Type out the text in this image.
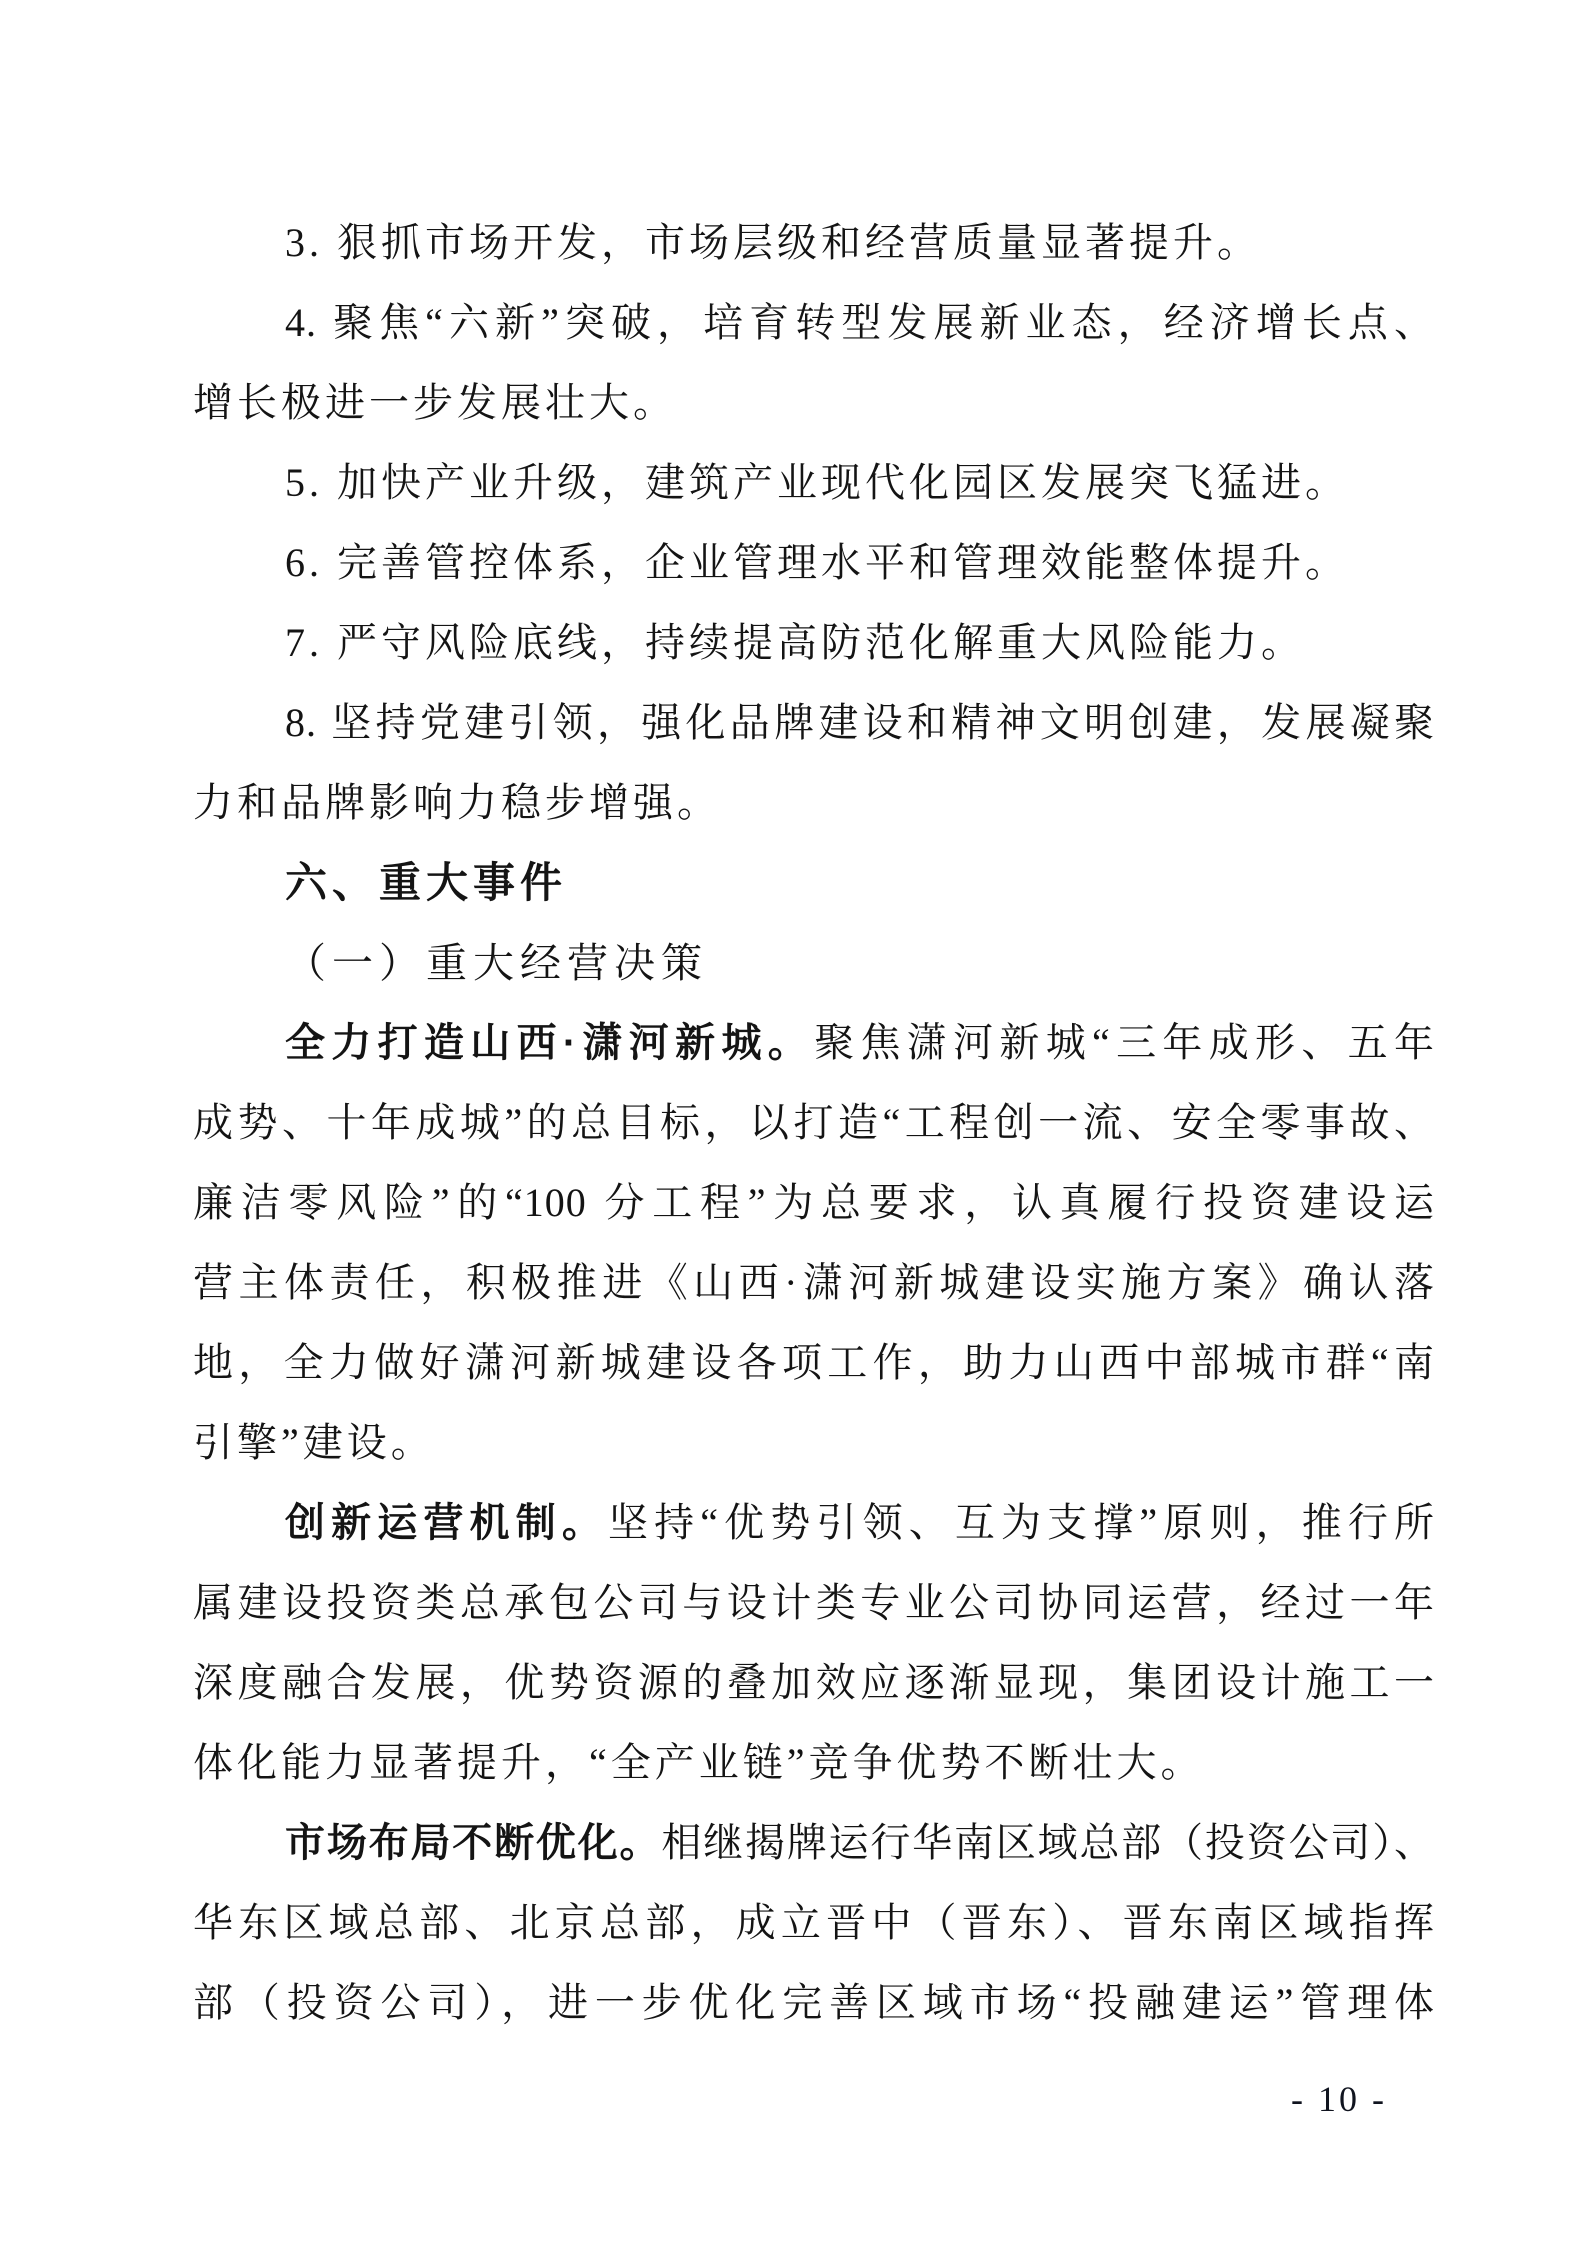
3. 狠抓市场开发，市场层级和经营质量显著提升。
4. 聚焦“六新”突破，培育转型发展新业态，经济增长点、
增长极进一步发展壮大。
5. 加快产业升级，建筑产业现代化园区发展突飞猛进。
6. 完善管控体系，企业管理水平和管理效能整体提升。
7. 严守风险底线，持续提高防范化解重大风险能力。
8. 坚持党建引领，强化品牌建设和精神文明创建，发展凝聚
力和品牌影响力稳步增强。
六、重大事件
（一）重大经营决策
全力打造山西·潇河新城。聚焦潇河新城“三年成形、五年
成势、十年成城”的总目标，以打造“工程创一流、安全零事故、
廉洁零风险”的“100 分工程”为总要求，认真履行投资建设运
营主体责任，积极推进《山西·潇河新城建设实施方案》确认落
地，全力做好潇河新城建设各项工作，助力山西中部城市群“南
引擎”建设。
创新运营机制。坚持“优势引领、互为支撑”原则，推行所
属建设投资类总承包公司与设计类专业公司协同运营，经过一年
深度融合发展，优势资源的叠加效应逐渐显现，集团设计施工一
体化能力显著提升，“全产业链”竞争优势不断壮大。
市场布局不断优化。相继揭牌运行华南区域总部（投资公司）、
华东区域总部、北京总部，成立晋中（晋东）、晋东南区域指挥
部（投资公司），进一步优化完善区域市场“投融建运”管理体
- 10 -
